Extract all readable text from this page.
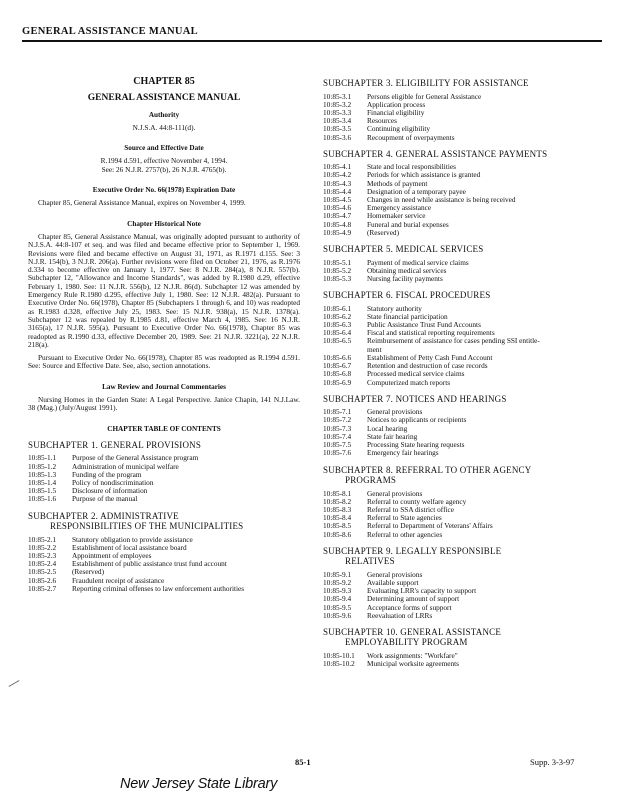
GENERAL ASSISTANCE MANUAL
CHAPTER 85
GENERAL ASSISTANCE MANUAL
Authority
N.J.S.A. 44:8-111(d).
Source and Effective Date
R.1994 d.591, effective November 4, 1994.
See: 26 N.J.R. 2757(b), 26 N.J.R. 4765(b).
Executive Order No. 66(1978) Expiration Date

Chapter 85, General Assistance Manual, expires on November 4, 1999.

Chapter Historical Note

Chapter 85, General Assistance Manual, was originally adopted pursuant to authority of N.J.S.A. 44:8-107 et seq. and was filed and became effective prior to September 1, 1969. Revisions were filed and became effective on August 31, 1971, as R.1971 d.155. See: 3 N.J.R. 154(b), 3 N.J.R. 206(a). Further revisions were filed on October 21, 1976, as R.1976 d.334 to become effective on January 1, 1977. See: 8 N.J.R. 284(a), 8 N.J.R. 557(b). Subchapter 12, "Allowance and Income Standards", was added by R.1980 d.29, effective February 1, 1980. See: 11 N.J.R. 556(b), 12 N.J.R. 86(d). Subchapter 12 was amended by Emergency Rule R.1980 d.295, effective July 1, 1980. See: 12 N.J.R. 482(a). Pursuant to Executive Order No. 66(1978), Chapter 85 (Subchapters 1 through 6, and 10) was readopted as R.1983 d.328, effective July 25, 1983. See: 15 N.J.R. 938(a), 15 N.J.R. 1378(a). Subchapter 12 was repealed by R.1985 d.81, effective March 4, 1985. See: 16 N.J.R. 3165(a), 17 N.J.R. 595(a). Pursuant to Executive Order No. 66(1978), Chapter 85 was readopted as R.1990 d.33, effective December 20, 1989. See: 21 N.J.R. 3221(a), 22 N.J.R. 218(a).

Pursuant to Executive Order No. 66(1978), Chapter 85 was readopted as R.1994 d.591. See: Source and Effective Date. See, also, section annotations.

Law Review and Journal Commentaries

Nursing Homes in the Garden State: A Legal Perspective. Janice Chapin, 141 N.J.Law. 38 (Mag.) (July/August 1991).

CHAPTER TABLE OF CONTENTS
SUBCHAPTER 1. GENERAL PROVISIONS
10:85-1.1	Purpose of the General Assistance program
10:85-1.2	Administration of municipal welfare
10:85-1.3	Funding of the program
10:85-1.4	Policy of nondiscrimination
10:85-1.5	Disclosure of information
10:85-1.6	Purpose of the manual
SUBCHAPTER 2. ADMINISTRATIVE
RESPONSIBILITIES OF THE MUNICIPALITIES
10:85-2.1	Statutory obligation to provide assistance
10:85-2.2	Establishment of local assistance board
10:85-2.3	Appointment of employees
10:85-2.4	Establishment of public assistance trust fund account
10:85-2.5	(Reserved)
10:85-2.6	Fraudulent receipt of assistance
10:85-2.7	Reporting criminal offenses to law enforcement authorities
SUBCHAPTER 3. ELIGIBILITY FOR ASSISTANCE
10:85-3.1	Persons eligible for General Assistance
10:85-3.2	Application process
10:85-3.3	Financial eligibility
10:85-3.4	Resources
10:85-3.5	Continuing eligibility
10:85-3.6	Recoupment of overpayments
SUBCHAPTER 4. GENERAL ASSISTANCE PAYMENTS
10:85-4.1	State and local responsibilities
10:85-4.2	Periods for which assistance is granted
10:85-4.3	Methods of payment
10:85-4.4	Designation of a temporary payee
10:85-4.5	Changes in need while assistance is being received
10:85-4.6	Emergency assistance
10:85-4.7	Homemaker service
10:85-4.8	Funeral and burial expenses
10:85-4.9	(Reserved)
SUBCHAPTER 5. MEDICAL SERVICES
10:85-5.1	Payment of medical service claims
10:85-5.2	Obtaining medical services
10:85-5.3	Nursing facility payments
SUBCHAPTER 6. FISCAL PROCEDURES
10:85-6.1	Statutory authority
10:85-6.2	State financial participation
10:85-6.3	Public Assistance Trust Fund Accounts
10:85-6.4	Fiscal and statistical reporting requirements
10:85-6.5	Reimbursement of assistance for cases pending SSI entitle-
ment
10:85-6.6	Establishment of Petty Cash Fund Account
10:85-6.7	Retention and destruction of case records
10:85-6.8	Processed medical service claims
10:85-6.9	Computerized match reports
SUBCHAPTER 7. NOTICES AND HEARINGS
10:85-7.1	General provisions
10:85-7.2	Notices to applicants or recipients
10:85-7.3	Local hearing
10:85-7.4	State fair hearing
10:85-7.5	Processing State hearing requests
10:85-7.6	Emergency fair hearings
SUBCHAPTER 8. REFERRAL TO OTHER AGENCY
PROGRAMS
10:85-8.1	General provisions
10:85-8.2	Referral to county welfare agency
10:85-8.3	Referral to SSA district office
10:85-8.4	Referral to State agencies
10:85-8.5	Referral to Department of Veterans' Affairs
10:85-8.6	Referral to other agencies
SUBCHAPTER 9. LEGALLY RESPONSIBLE
RELATIVES
10:85-9.1	General provisions
10:85-9.2	Available support
10:85-9.3	Evaluating LRR's capacity to support
10:85-9.4	Determining amount of support
10:85-9.5	Acceptance forms of support
10:85-9.6	Reevaluation of LRRs
SUBCHAPTER 10. GENERAL ASSISTANCE
EMPLOYABILITY PROGRAM
10:85-10.1	Work assignments: "Workfare"
10:85-10.2	Municipal worksite agreements
85-1	Supp. 3-3-97
New Jersey State Library
